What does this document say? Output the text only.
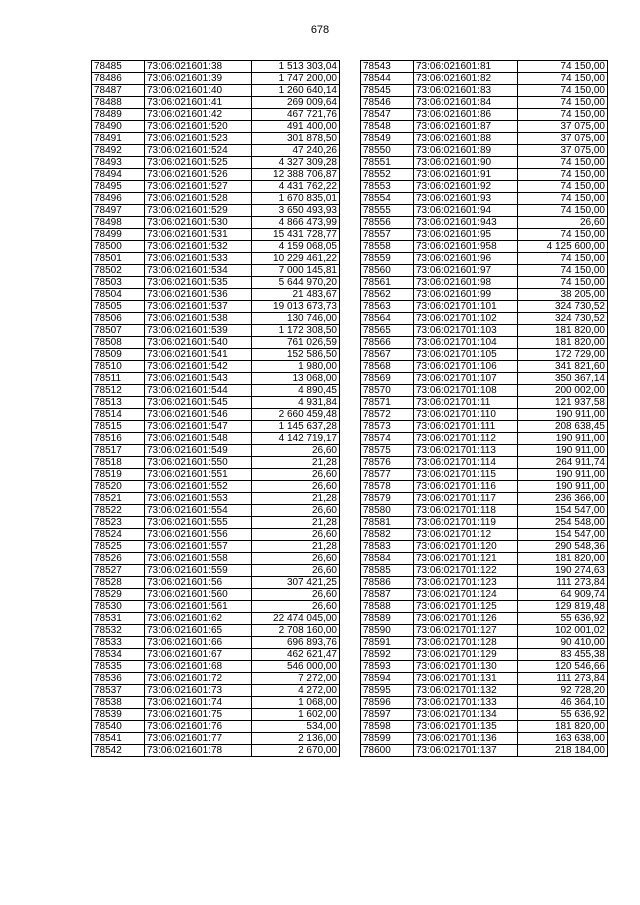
678
78485	73:06:021601:38	1 513 303,04
78486	73:06:021601:39	1 747 200,00
78487	73:06:021601:40	1 260 640,14
78488	73:06:021601:41	269 009,64
78489	73:06:021601:42	467 721,76
78490	73:06:021601:520	491 400,00
78491	73:06:021601:523	301 878,50
78492	73:06:021601:524	47 240,26
78493	73:06:021601:525	4 327 309,28
78494	73:06:021601:526	12 388 706,87
78495	73:06:021601:527	4 431 762,22
78496	73:06:021601:528	1 670 835,01
78497	73:06:021601:529	3 650 493,93
78498	73:06:021601:530	4 866 473,99
78499	73:06:021601:531	15 431 728,77
78500	73:06:021601:532	4 159 068,05
78501	73:06:021601:533	10 229 461,22
78502	73:06:021601:534	7 000 145,81
78503	73:06:021601:535	5 644 970,20
78504	73:06:021601:536	21 483,67
78505	73:06:021601:537	19 013 673,73
78506	73:06:021601:538	130 746,00
78507	73:06:021601:539	1 172 308,50
78508	73:06:021601:540	761 026,59
78509	73:06:021601:541	152 586,50
78510	73:06:021601:542	1 980,00
78511	73:06:021601:543	13 068,00
78512	73:06:021601:544	4 890,45
78513	73:06:021601:545	4 931,84
78514	73:06:021601:546	2 660 459,48
78515	73:06:021601:547	1 145 637,28
78516	73:06:021601:548	4 142 719,17
78517	73:06:021601:549	26,60
78518	73:06:021601:550	21,28
78519	73:06:021601:551	26,60
78520	73:06:021601:552	26,60
78521	73:06:021601:553	21,28
78522	73:06:021601:554	26,60
78523	73:06:021601:555	21,28
78524	73:06:021601:556	26,60
78525	73:06:021601:557	21,28
78526	73:06:021601:558	26,60
78527	73:06:021601:559	26,60
78528	73:06:021601:56	307 421,25
78529	73:06:021601:560	26,60
78530	73:06:021601:561	26,60
78531	73:06:021601:62	22 474 045,00
78532	73:06:021601:65	2 708 160,00
78533	73:06:021601:66	696 893,76
78534	73:06:021601:67	462 621,47
78535	73:06:021601:68	546 000,00
78536	73:06:021601:72	7 272,00
78537	73:06:021601:73	4 272,00
78538	73:06:021601:74	1 068,00
78539	73:06:021601:75	1 602,00
78540	73:06:021601:76	534,00
78541	73:06:021601:77	2 136,00
78542	73:06:021601:78	2 670,00
78543	73:06:021601:81	74 150,00
78544	73:06:021601:82	74 150,00
78545	73:06:021601:83	74 150,00
78546	73:06:021601:84	74 150,00
78547	73:06:021601:86	74 150,00
78548	73:06:021601:87	37 075,00
78549	73:06:021601:88	37 075,00
78550	73:06:021601:89	37 075,00
78551	73:06:021601:90	74 150,00
78552	73:06:021601:91	74 150,00
78553	73:06:021601:92	74 150,00
78554	73:06:021601:93	74 150,00
78555	73:06:021601:94	74 150,00
78556	73:06:021601:943	26,60
78557	73:06:021601:95	74 150,00
78558	73:06:021601:958	4 125 600,00
78559	73:06:021601:96	74 150,00
78560	73:06:021601:97	74 150,00
78561	73:06:021601:98	74 150,00
78562	73:06:021601:99	38 205,00
78563	73:06:021701:101	324 730,52
78564	73:06:021701:102	324 730,52
78565	73:06:021701:103	181 820,00
78566	73:06:021701:104	181 820,00
78567	73:06:021701:105	172 729,00
78568	73:06:021701:106	341 821,60
78569	73:06:021701:107	350 367,14
78570	73:06:021701:108	200 002,00
78571	73:06:021701:11	121 937,58
78572	73:06:021701:110	190 911,00
78573	73:06:021701:111	208 638,45
78574	73:06:021701:112	190 911,00
78575	73:06:021701:113	190 911,00
78576	73:06:021701:114	264 911,74
78577	73:06:021701:115	190 911,00
78578	73:06:021701:116	190 911,00
78579	73:06:021701:117	236 366,00
78580	73:06:021701:118	154 547,00
78581	73:06:021701:119	254 548,00
78582	73:06:021701:12	154 547,00
78583	73:06:021701:120	290 548,36
78584	73:06:021701:121	181 820,00
78585	73:06:021701:122	190 274,63
78586	73:06:021701:123	111 273,84
78587	73:06:021701:124	64 909,74
78588	73:06:021701:125	129 819,48
78589	73:06:021701:126	55 636,92
78590	73:06:021701:127	102 001,02
78591	73:06:021701:128	90 410,00
78592	73:06:021701:129	83 455,38
78593	73:06:021701:130	120 546,66
78594	73:06:021701:131	111 273,84
78595	73:06:021701:132	92 728,20
78596	73:06:021701:133	46 364,10
78597	73:06:021701:134	55 636,92
78598	73:06:021701:135	181 820,00
78599	73:06:021701:136	163 638,00
78600	73:06:021701:137	218 184,00
